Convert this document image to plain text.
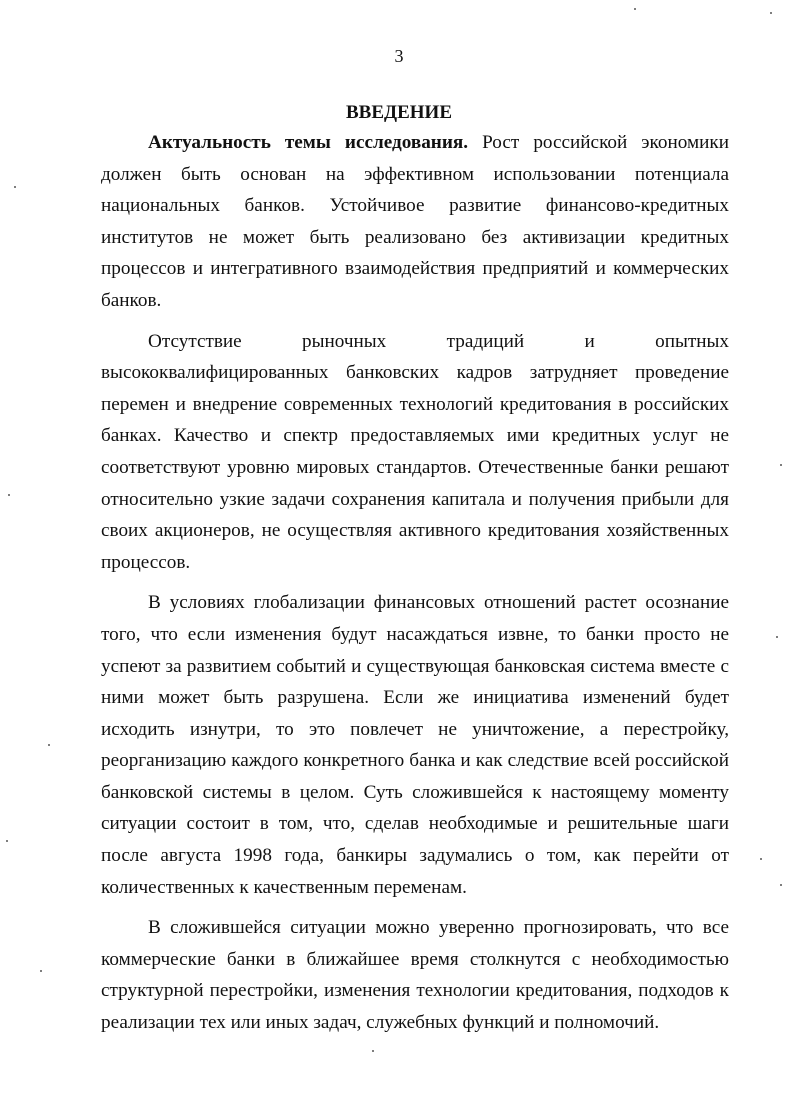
3
ВВЕДЕНИЕ

Актуальность темы исследования. Рост российской экономики должен быть основан на эффективном использовании потенциала национальных банков. Устойчивое развитие финансово-кредитных институтов не может быть реализовано без активизации кредитных процессов и интегративного взаимодействия предприятий и коммерческих банков.

Отсутствие рыночных традиций и опытных высококвалифицированных банковских кадров затрудняет проведение перемен и внедрение современных технологий кредитования в российских банках. Качество и спектр предоставляемых ими кредитных услуг не соответствуют уровню мировых стандартов. Отечественные банки решают относительно узкие задачи сохранения капитала и получения прибыли для своих акционеров, не осуществляя активного кредитования хозяйственных процессов.

В условиях глобализации финансовых отношений растет осознание того, что если изменения будут насаждаться извне, то банки просто не успеют за развитием событий и существующая банковская система вместе с ними может быть разрушена. Если же инициатива изменений будет исходить изнутри, то это повлечет не уничтожение, а перестройку, реорганизацию каждого конкретного банка и как следствие всей российской банковской системы в целом. Суть сложившейся к настоящему моменту ситуации состоит в том, что, сделав необходимые и решительные шаги после августа 1998 года, банкиры задумались о том, как перейти от количественных к качественным переменам.

В сложившейся ситуации можно уверенно прогнозировать, что все коммерческие банки в ближайшее время столкнутся с необходимостью структурной перестройки, изменения технологии кредитования, подходов к реализации тех или иных задач, служебных функций и полномочий.
